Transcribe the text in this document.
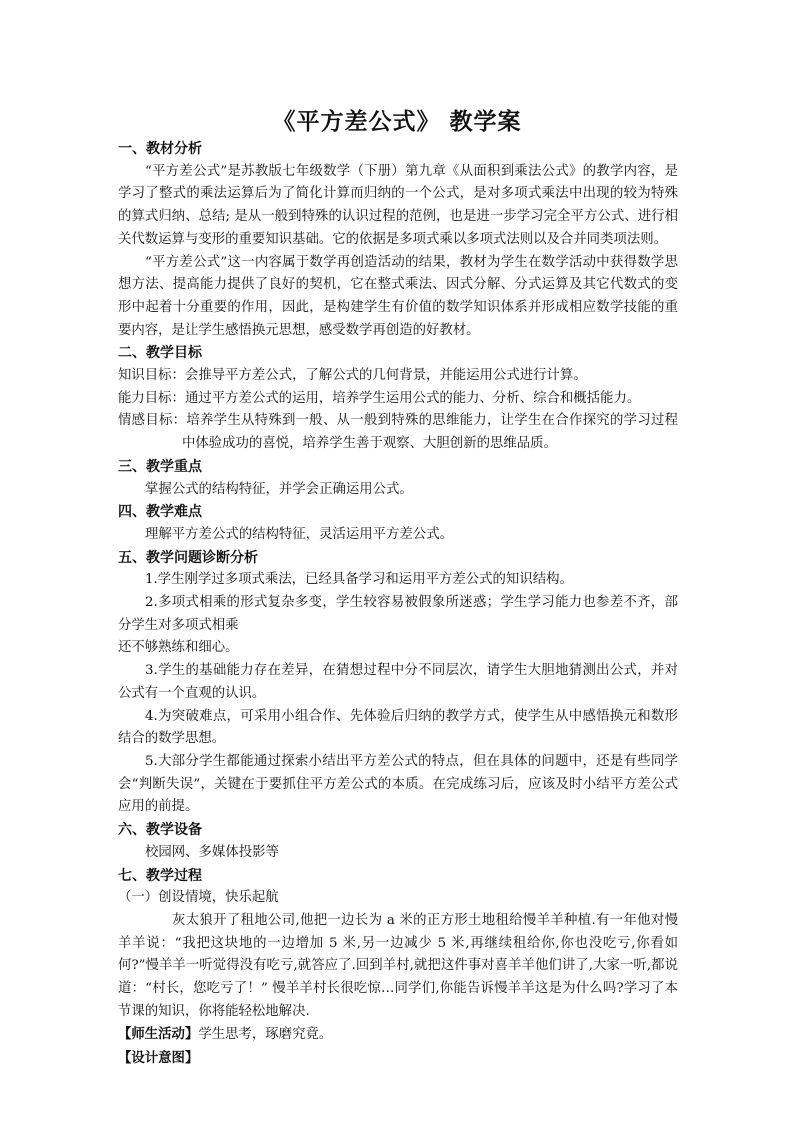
《平方差公式》 教学案

一、教材分析

“平方差公式”是苏教版七年级数学（下册）第九章《从面积到乘法公式》的教学内容，是学习了整式的乘法运算后为了简化计算而归纳的一个公式，是对多项式乘法中出现的较为特殊的算式归纳、总结; 是从一般到特殊的认识过程的范例，也是进一步学习完全平方公式、进行相关代数运算与变形的重要知识基础。它的依据是多项式乘以多项式法则以及合并同类项法则。

“平方差公式”这一内容属于数学再创造活动的结果，教材为学生在数学活动中获得数学思想方法、提高能力提供了良好的契机，它在整式乘法、因式分解、分式运算及其它代数式的变形中起着十分重要的作用，因此，是构建学生有价值的数学知识体系并形成相应数学技能的重要内容，是让学生感悟换元思想，感受数学再创造的好教材。

二、教学目标

知识目标：会推导平方差公式，了解公式的几何背景，并能运用公式进行计算。

能力目标：通过平方差公式的运用，培养学生运用公式的能力、分析、综合和概括能力。

情感目标：培养学生从特殊到一般、从一般到特殊的思维能力，让学生在合作探究的学习过程中体验成功的喜悦，培养学生善于观察、大胆创新的思维品质。

三、教学重点

掌握公式的结构特征，并学会正确运用公式。

四、教学难点

理解平方差公式的结构特征，灵活运用平方差公式。

五、教学问题诊断分析

1.学生刚学过多项式乘法，已经具备学习和运用平方差公式的知识结构。

2.多项式相乘的形式复杂多变，学生较容易被假象所迷惑；学生学习能力也参差不齐，部分学生对多项式相乘

还不够熟练和细心。

3.学生的基础能力存在差异，在猜想过程中分不同层次，请学生大胆地猜测出公式，并对公式有一个直观的认识。

4.为突破难点，可采用小组合作、先体验后归纳的教学方式，使学生从中感悟换元和数形结合的数学思想。

5.大部分学生都能通过探索小结出平方差公式的特点，但在具体的问题中，还是有些同学会“判断失误”，关键在于要抓住平方差公式的本质。在完成练习后，应该及时小结平方差公式应用的前提。

六、教学设备

校园网、多媒体投影等

七、教学过程

（一）创设情境，快乐起航

灰太狼开了租地公司,他把一边长为 a 米的正方形土地租给慢羊羊种植.有一年他对慢羊羊说：“我把这块地的一边增加 5 米,另一边减少 5 米,再继续租给你,你也没吃亏,你看如何?”慢羊羊一听觉得没有吃亏,就答应了.回到羊村,就把这件事对喜羊羊他们讲了,大家一听,都说道：“村长，您吃亏了！” 慢羊羊村长很吃惊…同学们,你能告诉慢羊羊这是为什么吗?学习了本节课的知识，你将能轻松地解决.

【师生活动】学生思考，琢磨究竟。

【设计意图】
